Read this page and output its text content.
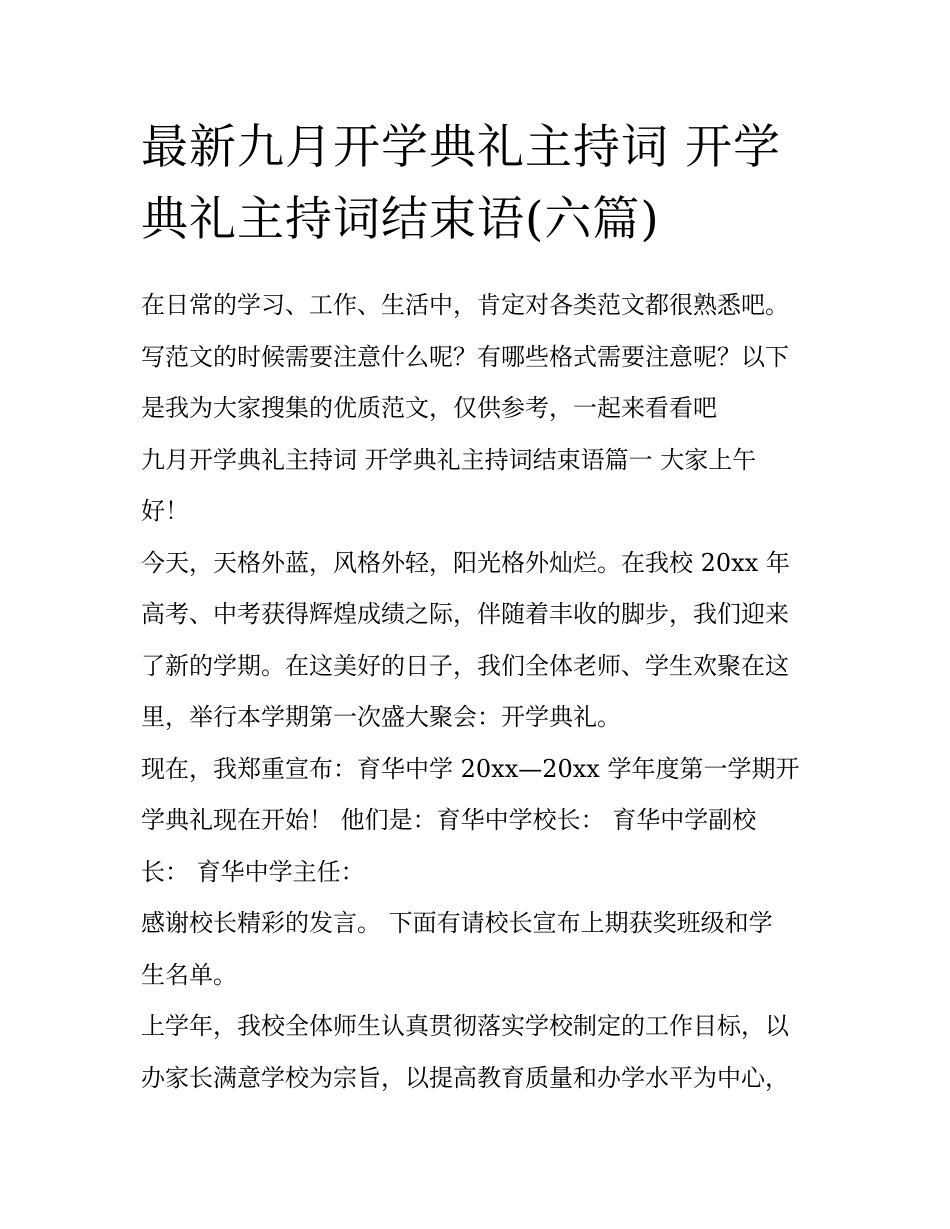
最新九月开学典礼主持词 开学
典礼主持词结束语(六篇)

在日常的学习、工作、生活中，肯定对各类范文都很熟悉吧。
写范文的时候需要注意什么呢？有哪些格式需要注意呢？以下
是我为大家搜集的优质范文，仅供参考，一起来看看吧

九月开学典礼主持词 开学典礼主持词结束语篇一 大家上午
好！

今天，天格外蓝，风格外轻，阳光格外灿烂。在我校 20xx 年
高考、中考获得辉煌成绩之际，伴随着丰收的脚步，我们迎来
了新的学期。在这美好的日子，我们全体老师、学生欢聚在这
里，举行本学期第一次盛大聚会：开学典礼。

现在，我郑重宣布：育华中学 20xx—20xx 学年度第一学期开
学典礼现在开始！ 他们是：育华中学校长： 育华中学副校
长： 育华中学主任：

感谢校长精彩的发言。 下面有请校长宣布上期获奖班级和学
生名单。

上学年，我校全体师生认真贯彻落实学校制定的工作目标，以
办家长满意学校为宗旨，以提高教育质量和办学水平为中心，
